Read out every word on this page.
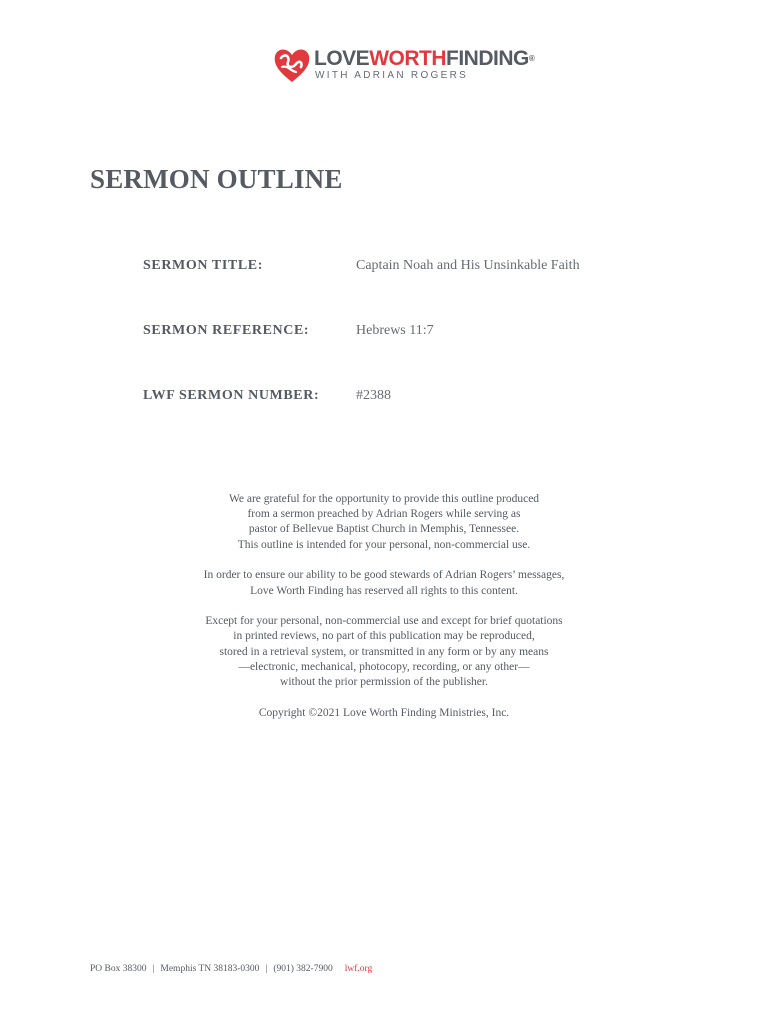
LOVEWORTHFINDING®
WITH ADRIAN ROGERS
SERMON OUTLINE
SERMON TITLE:	Captain Noah and His Unsinkable Faith
SERMON REFERENCE:	Hebrews 11:7
LWF SERMON NUMBER:	#2388

We are grateful for the opportunity to provide this outline produced
from a sermon preached by Adrian Rogers while serving as
pastor of Bellevue Baptist Church in Memphis, Tennessee.
This outline is intended for your personal, non-commercial use.

In order to ensure our ability to be good stewards of Adrian Rogers’ messages,
Love Worth Finding has reserved all rights to this content.

Except for your personal, non-commercial use and except for brief quotations
in printed reviews, no part of this publication may be reproduced,
stored in a retrieval system, or transmitted in any form or by any means
—electronic, mechanical, photocopy, recording, or any other—
without the prior permission of the publisher.

Copyright ©2021 Love Worth Finding Ministries, Inc.

PO Box 38300 | Memphis TN 38183-0300 | (901) 382-7900 lwf.org
